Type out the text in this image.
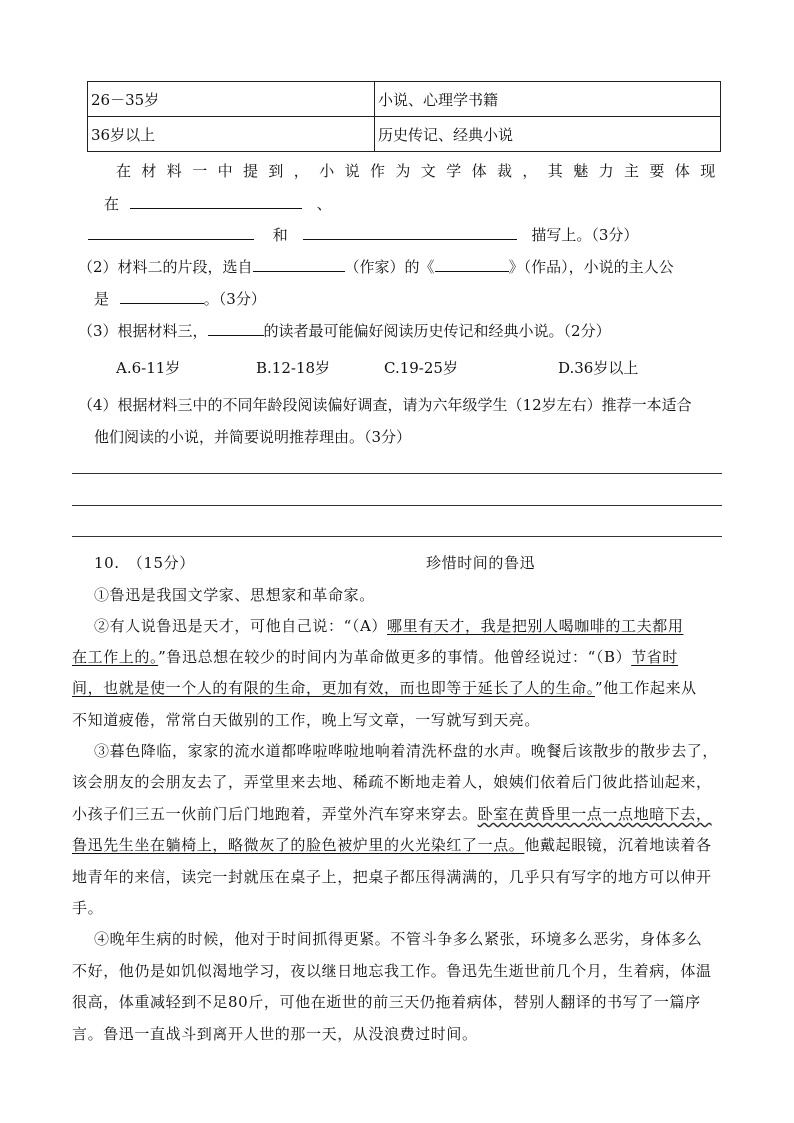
26－35岁	小说、心理学书籍
36岁以上	历史传记、经典小说
在材料一中提到，小说作为文学体裁，其魅力主要体现
在	、
和	描写上。（3分）
（2）材料二的片段，选自	（作家）的《	》（作品），小说的主人公
是	。（3分）
（3）根据材料三，	的读者最可能偏好阅读历史传记和经典小说。（2分）
A.6-11岁	B.12-18岁	C.19-25岁	D.36岁以上
（4）根据材料三中的不同年龄段阅读偏好调查，请为六年级学生（12岁左右）推荐一本适合
他们阅读的小说，并简要说明推荐理由。（3分）
10.　（15分）	珍惜时间的鲁迅
①鲁迅是我国文学家、思想家和革命家。
②有人说鲁迅是天才，可他自己说：“（A）哪里有天才，我是把别人喝咖啡的工夫都用
在工作上的。”鲁迅总想在较少的时间内为革命做更多的事情。他曾经说过：“（B）节省时
间，也就是使一个人的有限的生命，更加有效，而也即等于延长了人的生命。”他工作起来从
不知道疲倦，常常白天做别的工作，晚上写文章，一写就写到天亮。
③暮色降临，家家的流水道都哗啦哗啦地响着清洗杯盘的水声。晚餐后该散步的散步去了，
该会朋友的会朋友去了，弄堂里来去地、稀疏不断地走着人，娘姨们依着后门彼此搭讪起来，
小孩子们三五一伙前门后门地跑着，弄堂外汽车穿来穿去。卧室在黄昏里一点一点地暗下去，
鲁迅先生坐在躺椅上，略微灰了的脸色被炉里的火光染红了一点。他戴起眼镜，沉着地读着各
地青年的来信，读完一封就压在桌子上，把桌子都压得满满的，几乎只有写字的地方可以伸开
手。
④晚年生病的时候，他对于时间抓得更紧。不管斗争多么紧张，环境多么恶劣，身体多么
不好，他仍是如饥似渴地学习，夜以继日地忘我工作。鲁迅先生逝世前几个月，生着病，体温
很高，体重减轻到不足80斤，可他在逝世的前三天仍拖着病体，替别人翻译的书写了一篇序
言。鲁迅一直战斗到离开人世的那一天，从没浪费过时间。
